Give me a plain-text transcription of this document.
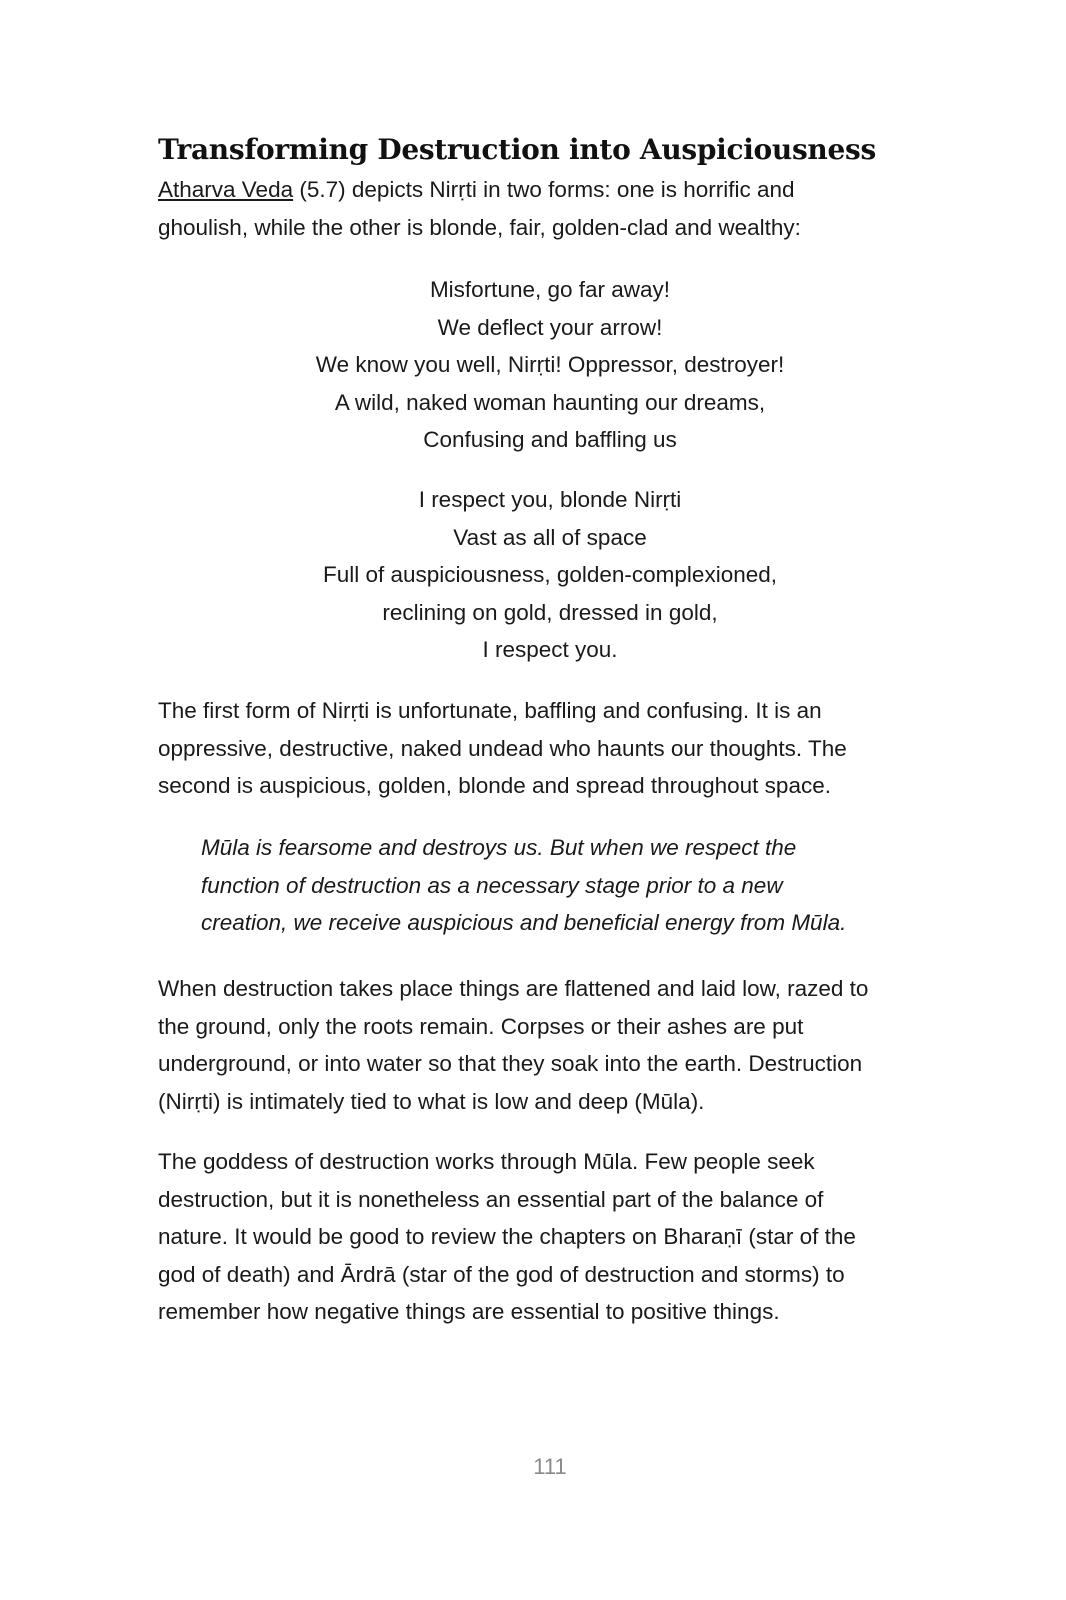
Transforming Destruction into Auspiciousness

Atharva Veda (5.7) depicts Nirṛti in two forms: one is horrific and
ghoulish, while the other is blonde, fair, golden-clad and wealthy:

Misfortune, go far away!
We deflect your arrow!
We know you well, Nirṛti! Oppressor, destroyer!
A wild, naked woman haunting our dreams,
Confusing and baffling us
I respect you, blonde Nirṛti
Vast as all of space
Full of auspiciousness, golden-complexioned,
reclining on gold, dressed in gold,
I respect you.

The first form of Nirṛti is unfortunate, baffling and confusing. It is an
oppressive, destructive, naked undead who haunts our thoughts. The
second is auspicious, golden, blonde and spread throughout space.

Mūla is fearsome and destroys us. But when we respect the
function of destruction as a necessary stage prior to a new
creation, we receive auspicious and beneficial energy from Mūla.

When destruction takes place things are flattened and laid low, razed to
the ground, only the roots remain. Corpses or their ashes are put
underground, or into water so that they soak into the earth. Destruction
(Nirṛti) is intimately tied to what is low and deep (Mūla).

The goddess of destruction works through Mūla. Few people seek
destruction, but it is nonetheless an essential part of the balance of
nature. It would be good to review the chapters on Bharaṇī (star of the
god of death) and Ārdrā (star of the god of destruction and storms) to
remember how negative things are essential to positive things.

111
